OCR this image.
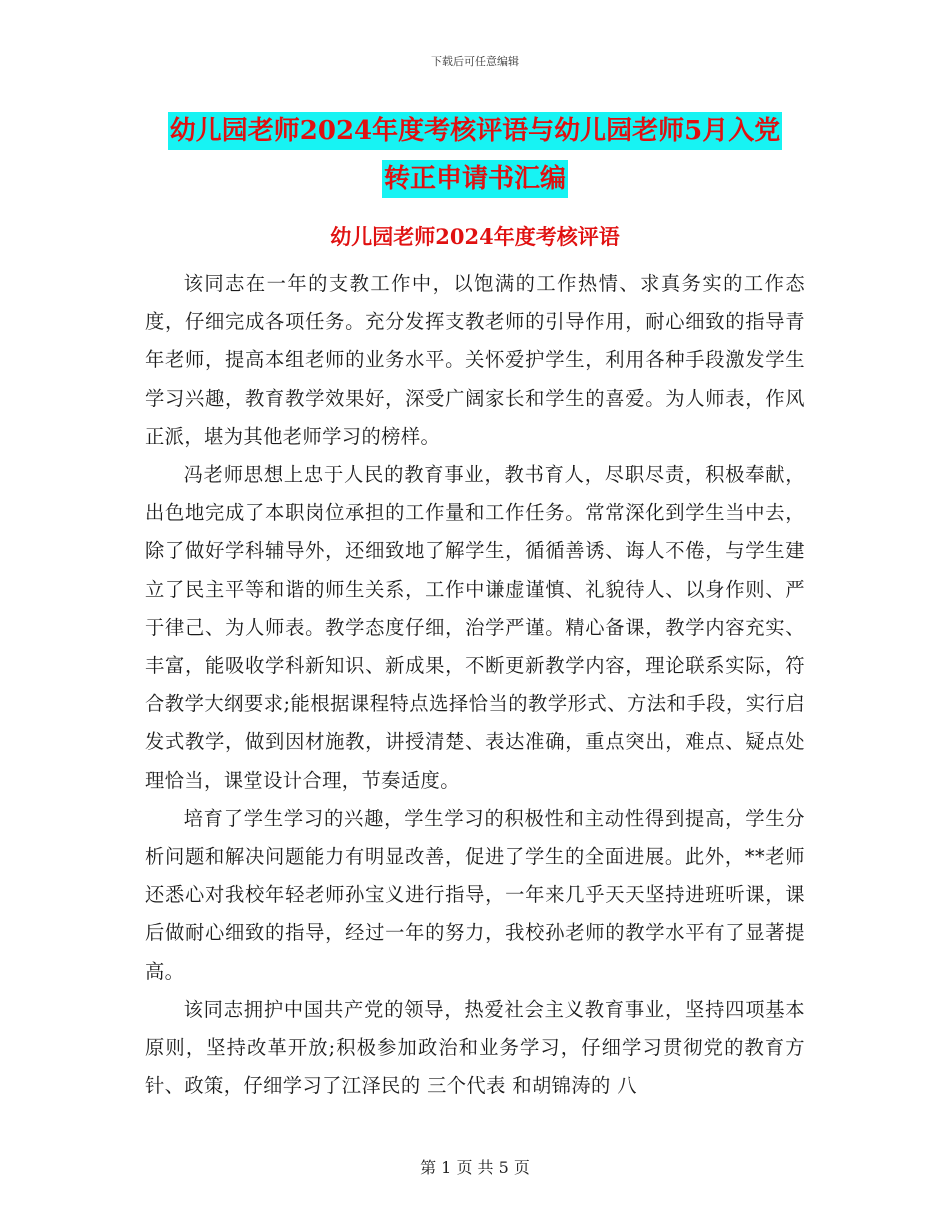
下载后可任意编辑
幼儿园老师2024年度考核评语与幼儿园老师5月入党
转正申请书汇编
幼儿园老师2024年度考核评语

该同志在一年的支教工作中，以饱满的工作热情、求真务实的工作态度，仔细完成各项任务。充分发挥支教老师的引导作用，耐心细致的指导青年老师，提高本组老师的业务水平。关怀爱护学生，利用各种手段激发学生学习兴趣，教育教学效果好，深受广阔家长和学生的喜爱。为人师表，作风正派，堪为其他老师学习的榜样。

冯老师思想上忠于人民的教育事业，教书育人，尽职尽责，积极奉献，出色地完成了本职岗位承担的工作量和工作任务。常常深化到学生当中去，除了做好学科辅导外，还细致地了解学生，循循善诱、诲人不倦，与学生建立了民主平等和谐的师生关系，工作中谦虚谨慎、礼貌待人、以身作则、严于律己、为人师表。教学态度仔细，治学严谨。精心备课，教学内容充实、丰富，能吸收学科新知识、新成果，不断更新教学内容，理论联系实际，符合教学大纲要求;能根据课程特点选择恰当的教学形式、方法和手段，实行启发式教学，做到因材施教，讲授清楚、表达准确，重点突出，难点、疑点处理恰当，课堂设计合理，节奏适度。

培育了学生学习的兴趣，学生学习的积极性和主动性得到提高，学生分析问题和解决问题能力有明显改善，促进了学生的全面进展。此外，**老师还悉心对我校年轻老师孙宝义进行指导，一年来几乎天天坚持进班听课，课后做耐心细致的指导，经过一年的努力，我校孙老师的教学水平有了显著提高。

该同志拥护中国共产党的领导，热爱社会主义教育事业，坚持四项基本原则，坚持改革开放;积极参加政治和业务学习，仔细学习贯彻党的教育方针、政策，仔细学习了江泽民的 三个代表 和胡锦涛的 八

第 1 页 共 5 页
